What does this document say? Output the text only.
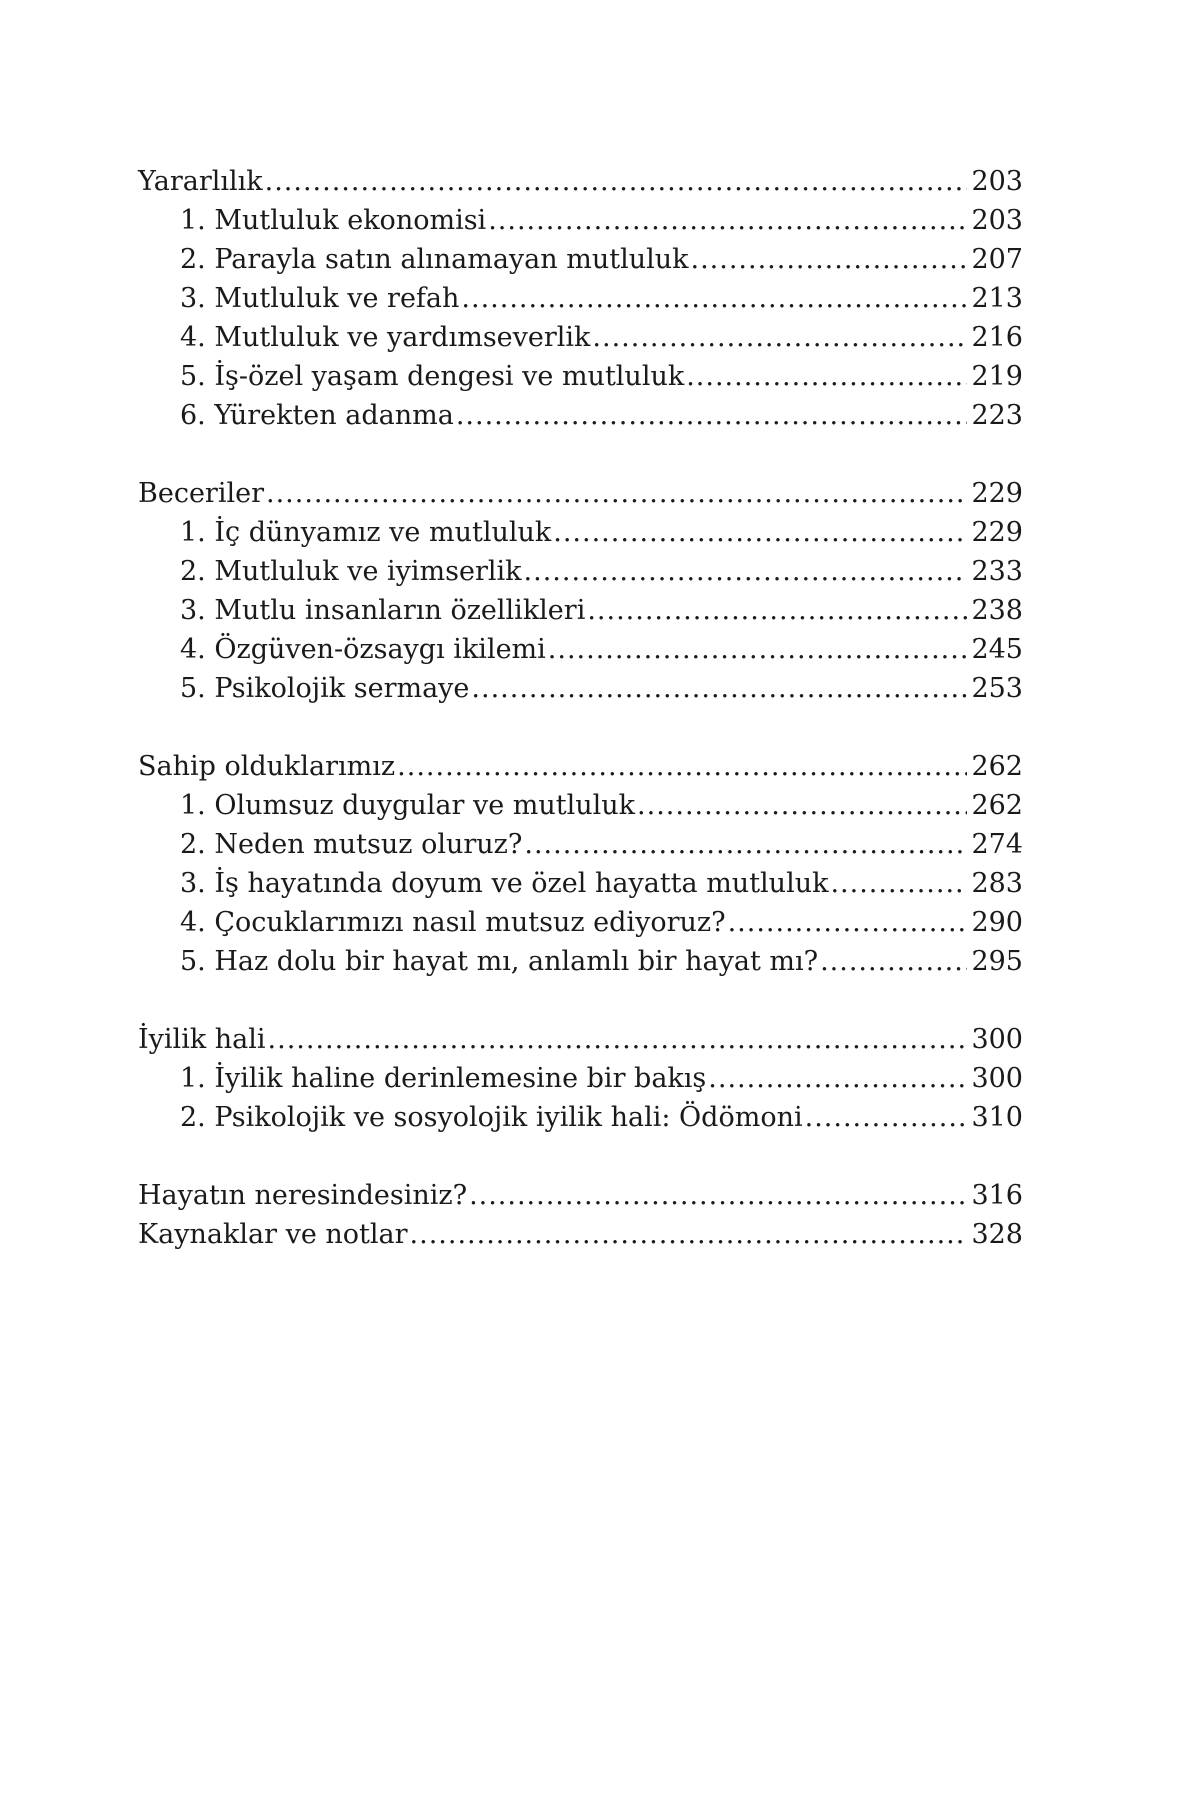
Yararlılık .....	203
1. Mutluluk ekonomisi .....	203
2. Parayla satın alınamayan mutluluk .....	207
3. Mutluluk ve refah .....	213
4. Mutluluk ve yardımseverlik .....	216
5. İş-özel yaşam dengesi ve mutluluk .....	219
6. Yürekten adanma .....	223
Beceriler .....	229
1. İç dünyamız ve mutluluk .....	229
2. Mutluluk ve iyimserlik .....	233
3. Mutlu insanların özellikleri .....	238
4. Özgüven-özsaygı ikilemi .....	245
5. Psikolojik sermaye .....	253
Sahip olduklarımız .....	262
1. Olumsuz duygular ve mutluluk .....	262
2. Neden mutsuz oluruz? .....	274
3. İş hayatında doyum ve özel hayatta mutluluk .....	283
4. Çocuklarımızı nasıl mutsuz ediyoruz? .....	290
5. Haz dolu bir hayat mı, anlamlı bir hayat mı? .....	295
İyilik hali .....	300
1. İyilik haline derinlemesine bir bakış .....	300
2. Psikolojik ve sosyolojik iyilik hali: Ödömoni .....	310
Hayatın neresindesiniz? .....	316
Kaynaklar ve notlar .....	328
